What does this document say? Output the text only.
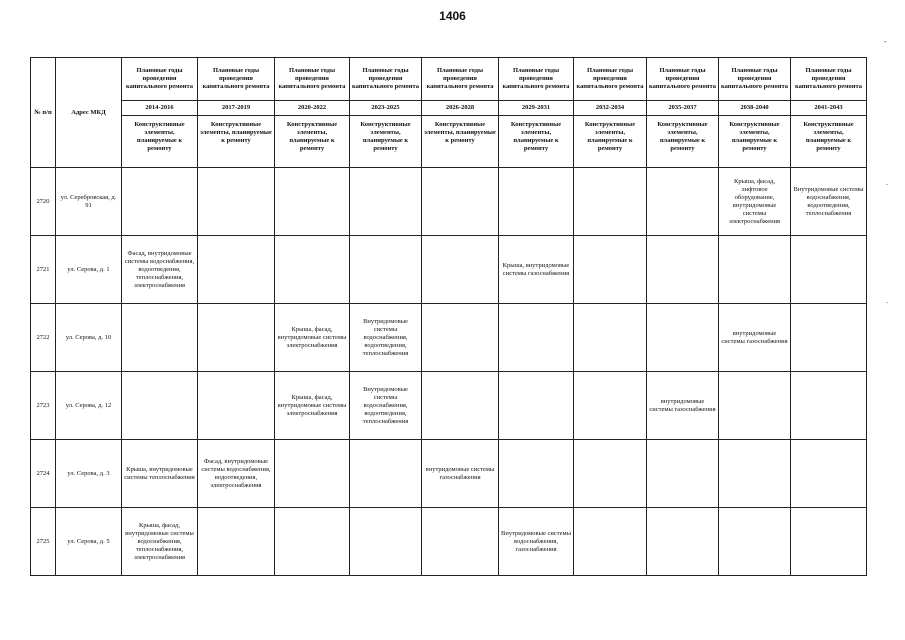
1406
-
.
.
№ п/п	Адрес МКД	Плановые годы проведения капитального ремонта	Плановые годы проведения капитального ремонта	Плановые годы проведения капитального ремонта	Плановые годы проведения капитального ремонта	Плановые годы проведения капитального ремонта	Плановые годы проведения капитального ремонта	Плановые годы проведения капитального ремонта	Плановые годы проведения капитального ремонта	Плановые годы проведения капитального ремонта	Плановые годы проведения капитального ремонта
		2014-2016	2017-2019	2020-2022	2023-2025	2026-2028	2029-2031	2032-2034	2035-2037	2038-2040	2041-2043
		Конструктивные элементы, планируемые к ремонту	Конструктивные элементы, планируемые к ремонту	Конструктивные элементы, планируемые к ремонту	Конструктивные элементы, планируемые к ремонту	Конструктивные элементы, планируемые к ремонту	Конструктивные элементы, планируемые к ремонту	Конструктивные элементы, планируемые к ремонту	Конструктивные элементы, планируемые к ремонту	Конструктивные элементы, планируемые к ремонту	Конструктивные элементы, планируемые к ремонту
2720	ул. Серебровская, д. 91									Крыша, фасад, лифтовое оборудование, внутридомовые системы электроснабжения	Внутридомовые системы водоснабжения, водоотведения, теплоснабжения
2721	ул. Серова, д. 1	Фасад, внутридомовые системы водоснабжения, водоотведения, теплоснабжения, электроснабжения					Крыша, внутридомовые системы газоснабжения				
2722	ул. Серова, д. 10			Крыша, фасад, внутридомовые системы электроснабжения	Внутридомовые системы водоснабжения, водоотведения, теплоснабжения					внутридомовые системы газоснабжения	
2723	ул. Серова, д. 12			Крыша, фасад, внутридомовые системы электроснабжения	Внутридомовые системы водоснабжения, водоотведения, теплоснабжения				внутридомовые системы газоснабжения		
2724	ул. Серова, д. 3	Крыша, внутридомовые системы теплоснабжения	Фасад, внутридомовые системы водоснабжения, водоотведения, электроснабжения			внутридомовые системы газоснабжения					
2725	ул. Серова, д. 5	Крыша, фасад, внутридомовые системы водоснабжения, теплоснабжения, электроснабжения					Внутридомовые системы водоснабжения, газоснабжения				
